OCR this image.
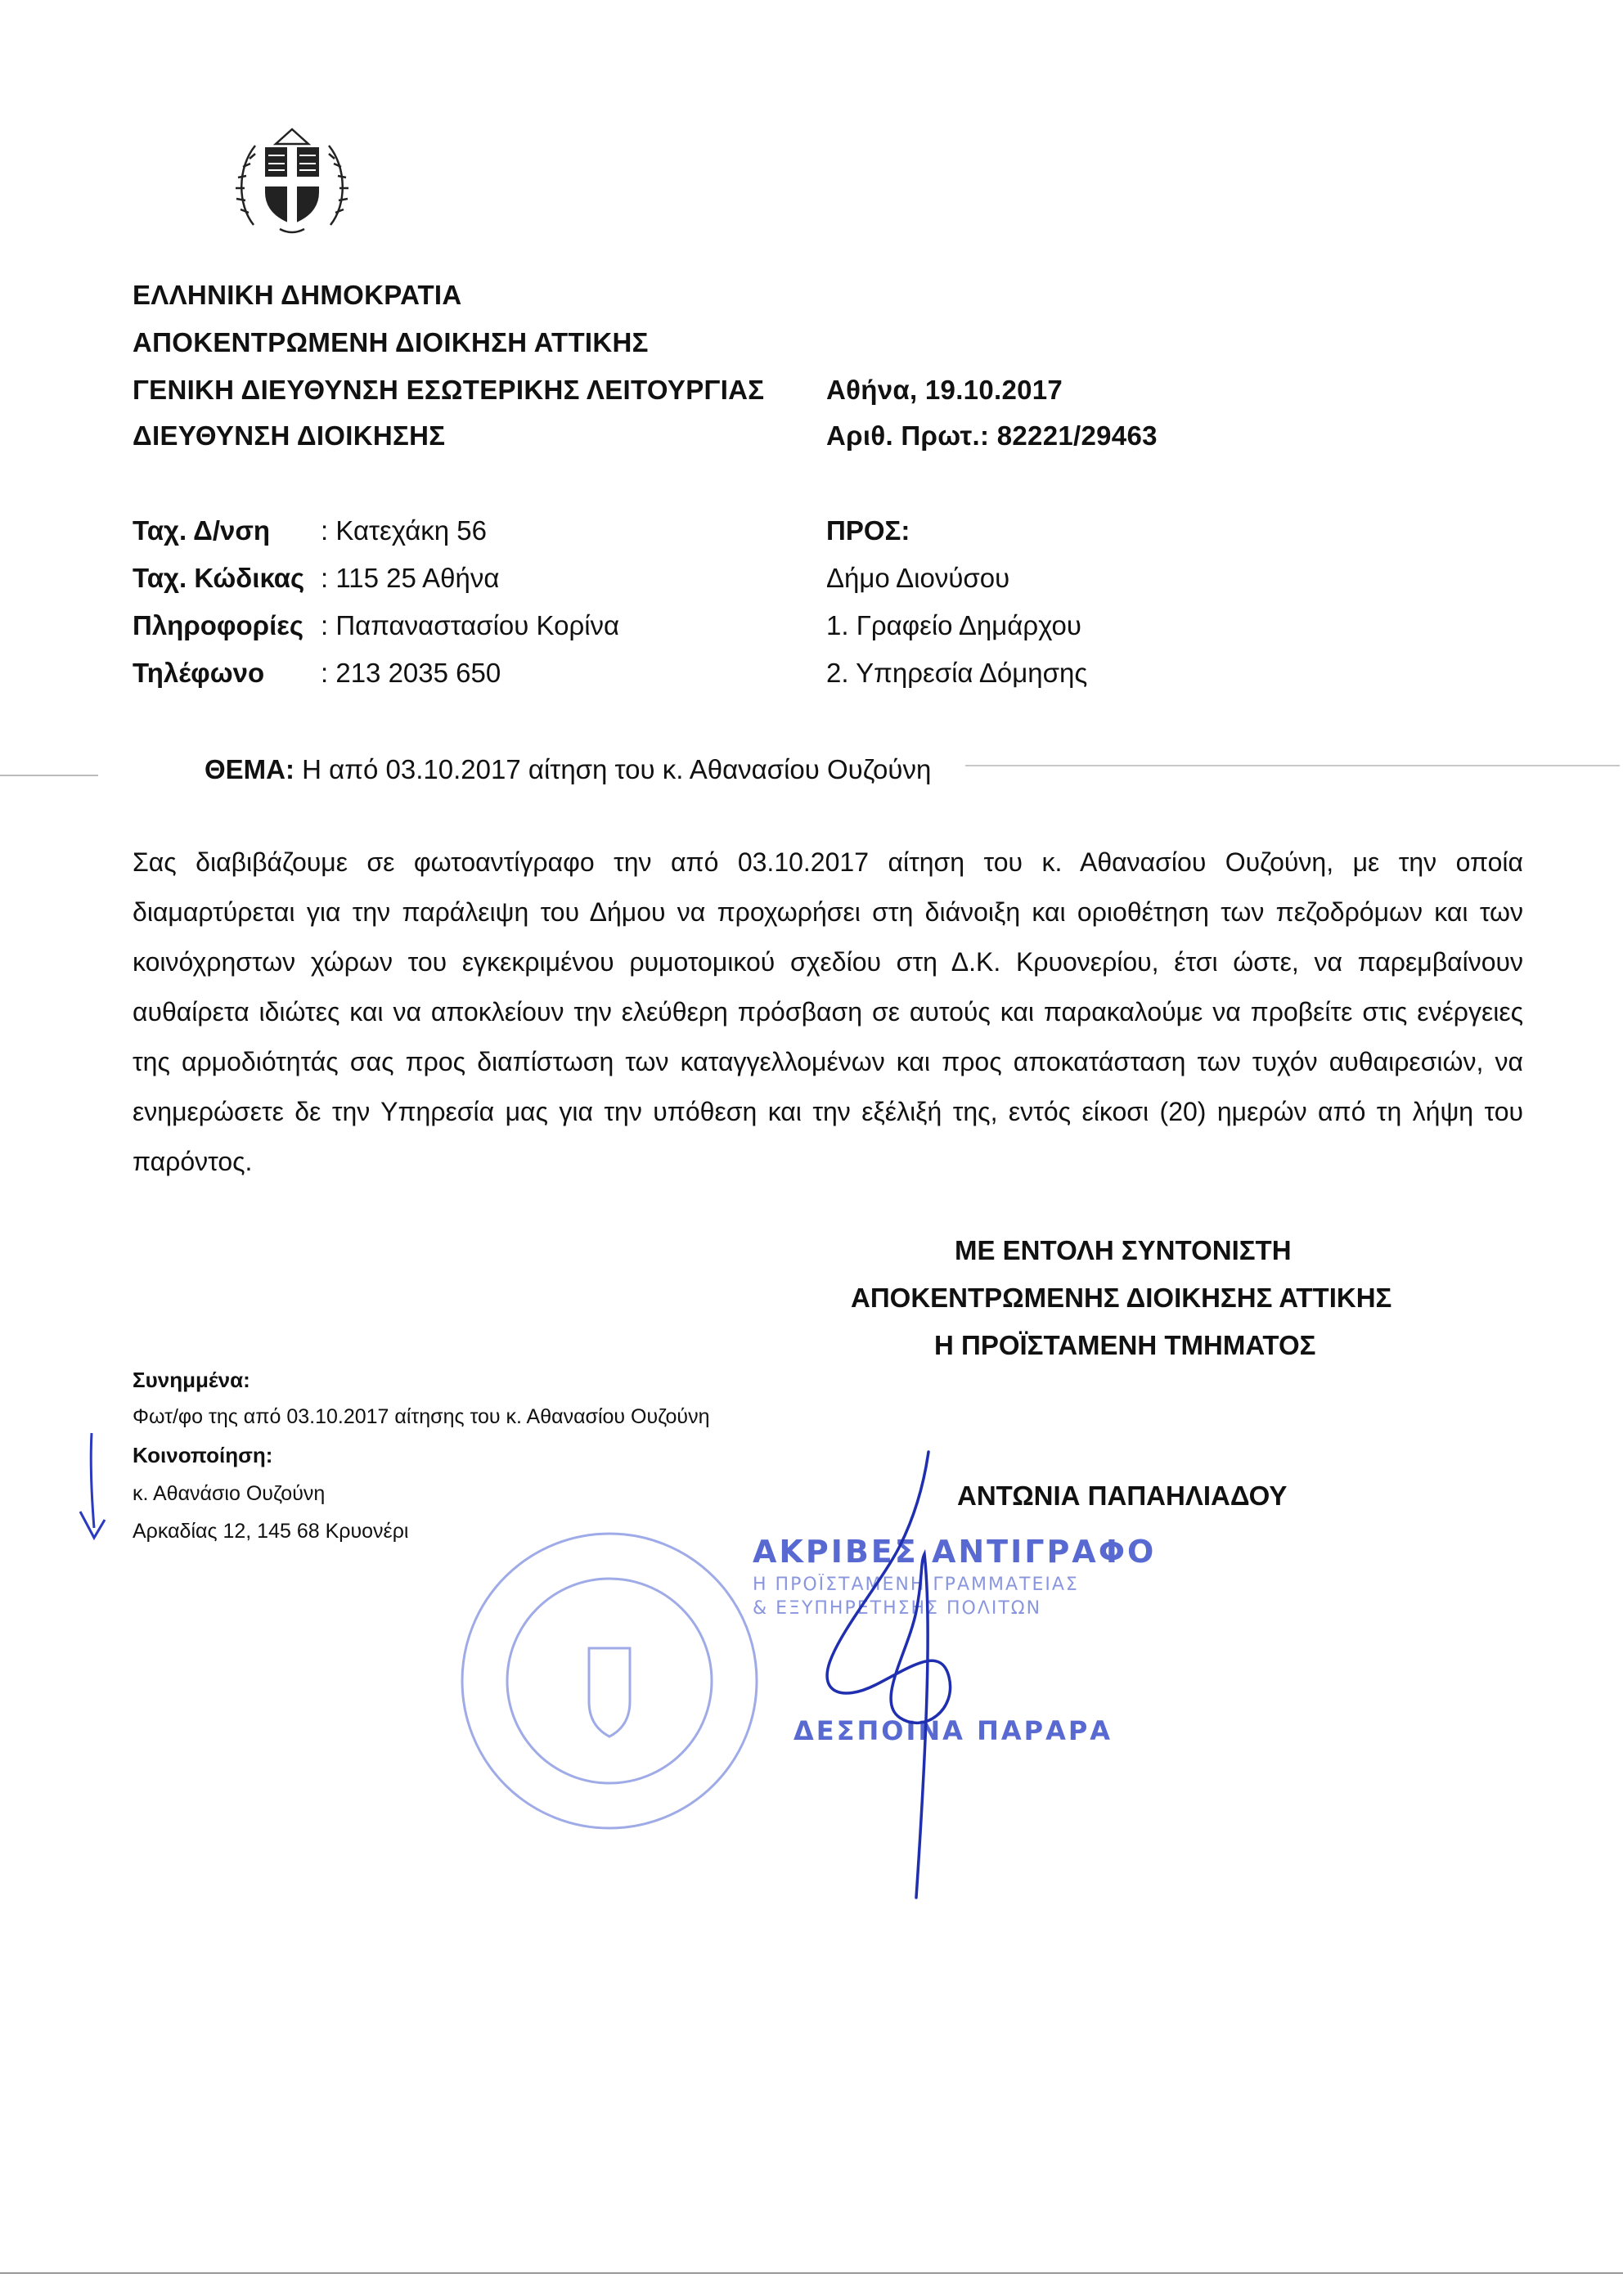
ΕΛΛΗΝΙΚΗ ΔΗΜΟΚΡΑΤΙΑ
ΑΠΟΚΕΝΤΡΩΜΕΝΗ ΔΙΟΙΚΗΣΗ ΑΤΤΙΚΗΣ
ΓΕΝΙΚΗ ΔΙΕΥΘΥΝΣΗ ΕΣΩΤΕΡΙΚΗΣ ΛΕΙΤΟΥΡΓΙΑΣ
ΔΙΕΥΘΥΝΣΗ ΔΙΟΙΚΗΣΗΣ
Αθήνα, 19.10.2017
Αριθ. Πρωτ.: 82221/29463
Ταχ. Δ/νση : Κατεχάκη 56
Ταχ. Κώδικας : 115 25 Αθήνα
Πληροφορίες : Παπαναστασίου Κορίνα
Τηλέφωνο : 213 2035 650
ΠΡΟΣ:
Δήμο Διονύσου
1. Γραφείο Δημάρχου
2. Υπηρεσία Δόμησης
ΘΕΜΑ: Η από 03.10.2017 αίτηση του κ. Αθανασίου Ουζούνη
Σας διαβιβάζουμε σε φωτοαντίγραφο την από 03.10.2017 αίτηση του κ. Αθανασίου Ουζούνη, με την οποία διαμαρτύρεται για την παράλειψη του Δήμου να προχωρήσει στη διάνοιξη και οριοθέτηση των πεζοδρόμων και των κοινόχρηστων χώρων του εγκεκριμένου ρυμοτομικού σχεδίου στη Δ.Κ. Κρυονερίου, έτσι ώστε, να παρεμβαίνουν αυθαίρετα ιδιώτες και να αποκλείουν την ελεύθερη πρόσβαση σε αυτούς και παρακαλούμε να προβείτε στις ενέργειες της αρμοδιότητάς σας προς διαπίστωση των καταγγελλομένων και προς αποκατάσταση των τυχόν αυθαιρεσιών, να ενημερώσετε δε την Υπηρεσία μας για την υπόθεση και την εξέλιξή της, εντός είκοσι (20) ημερών από τη λήψη του παρόντος.
ΜΕ ΕΝΤΟΛΗ ΣΥΝΤΟΝΙΣΤΗ
ΑΠΟΚΕΝΤΡΩΜΕΝΗΣ ΔΙΟΙΚΗΣΗΣ ΑΤΤΙΚΗΣ
Η ΠΡΟΪΣΤΑΜΕΝΗ ΤΜΗΜΑΤΟΣ
ΑΝΤΩΝΙΑ ΠΑΠΑΗΛΙΑΔΟΥ
Συνημμένα:
Φωτ/φο της από 03.10.2017 αίτησης του κ. Αθανασίου Ουζούνη
Κοινοποίηση:
κ. Αθανάσιο Ουζούνη
Αρκαδίας 12, 145 68 Κρυονέρι
ΑΚΡΙΒΕΣ ΑΝΤΙΓΡΑΦΟ
Η ΠΡΟΪΣΤΑΜΕΝΗ ΓΡΑΜΜΑΤΕΙΑΣ
& ΕΞΥΠΗΡΕΤΗΣΗΣ ΠΟΛΙΤΩΝ
ΔΕΣΠΟΙΝΑ ΠΑΡΑΡΑ
